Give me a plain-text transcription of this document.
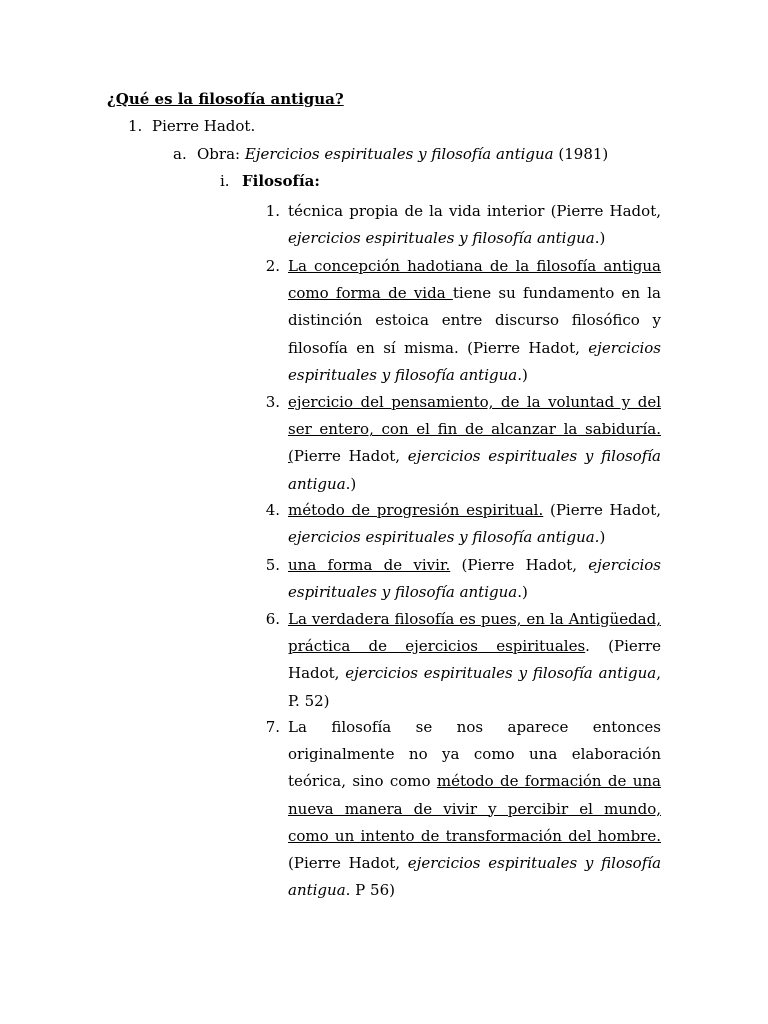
¿Qué es la filosofía antigua?
1. Pierre Hadot.
a. Obra: Ejercicios espirituales y filosofía antigua (1981)
i. Filosofía:
1. técnica propia de la vida interior (Pierre Hadot, ejercicios espirituales y filosofía antigua.)
2. La concepción hadotiana de la filosofía antigua como forma de vida tiene su fundamento en la distinción estoica entre discurso filosófico y filosofía en sí misma. (Pierre Hadot, ejercicios espirituales y filosofía antigua.)
3. ejercicio del pensamiento, de la voluntad y del ser entero, con el fin de alcanzar la sabiduría. (Pierre Hadot, ejercicios espirituales y filosofía antigua.)
4. método de progresión espiritual. (Pierre Hadot, ejercicios espirituales y filosofía antigua.)
5. una forma de vivir. (Pierre Hadot, ejercicios espirituales y filosofía antigua.)
6. La verdadera filosofía es pues, en la Antigüedad, práctica de ejercicios espirituales. (Pierre Hadot, ejercicios espirituales y filosofía antigua, P. 52)
7. La filosofía se nos aparece entonces originalmente no ya como una elaboración teórica, sino como método de formación de una nueva manera de vivir y percibir el mundo, como un intento de transformación del hombre. (Pierre Hadot, ejercicios espirituales y filosofía antigua. P 56)
